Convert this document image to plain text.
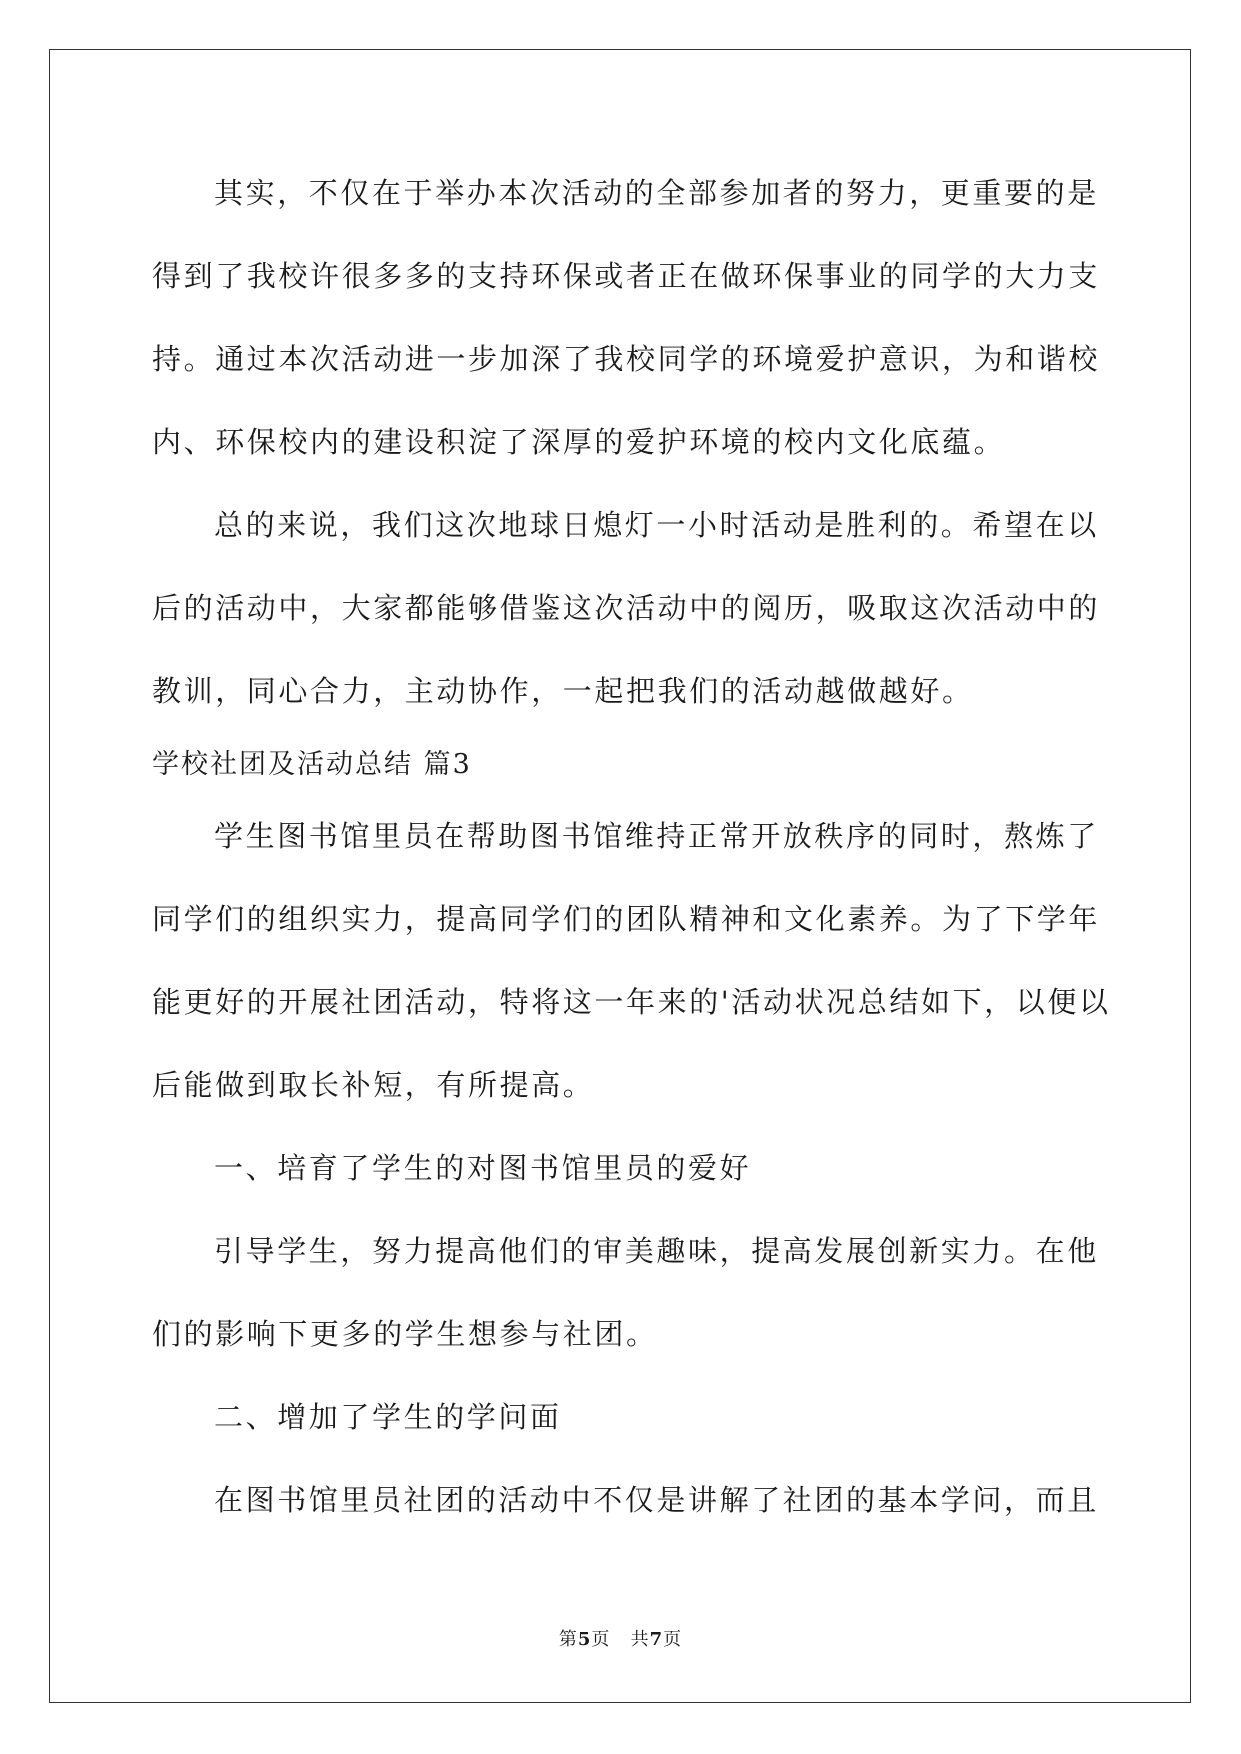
其实，不仅在于举办本次活动的全部参加者的努力，更重要的是
得到了我校许很多多的支持环保或者正在做环保事业的同学的大力支
持。通过本次活动进一步加深了我校同学的环境爱护意识，为和谐校
内、环保校内的建设积淀了深厚的爱护环境的校内文化底蕴。
总的来说，我们这次地球日熄灯一小时活动是胜利的。希望在以
后的活动中，大家都能够借鉴这次活动中的阅历，吸取这次活动中的
教训，同心合力，主动协作，一起把我们的活动越做越好。
学校社团及活动总结 篇3
学生图书馆里员在帮助图书馆维持正常开放秩序的同时，熬炼了
同学们的组织实力，提高同学们的团队精神和文化素养。为了下学年
能更好的开展社团活动，特将这一年来的'活动状况总结如下，以便以
后能做到取长补短，有所提高。
一、培育了学生的对图书馆里员的爱好
引导学生，努力提高他们的审美趣味，提高发展创新实力。在他
们的影响下更多的学生想参与社团。
二、增加了学生的学问面
在图书馆里员社团的活动中不仅是讲解了社团的基本学问，而且
第5页 共7页
